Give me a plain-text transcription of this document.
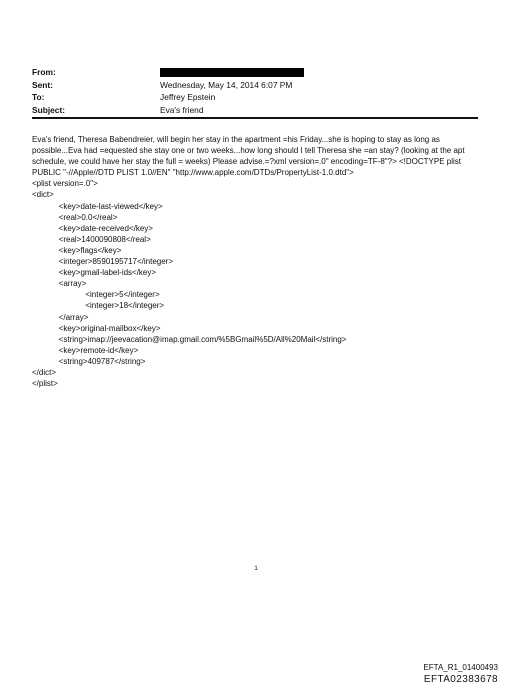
From:
Sent:	Wednesday, May 14, 2014 6:07 PM
To:	Jeffrey Epstein
Subject:	Eva's friend

Eva's friend, Theresa Babendreier, will begin her stay in the apartment =his Friday...she is hoping to stay as long as possible...Eva had =equested she stay one or two weeks...how long should I tell Theresa she =an stay? (looking at the apt schedule, we could have her stay the full = weeks) Please advise.=?xml version=.0" encoding=TF-8"?> <!DOCTYPE plist PUBLIC "-//Apple//DTD PLIST 1.0//EN" "http://www.apple.com/DTDs/PropertyList-1.0.dtd">

<plist version=.0">
<dict>
<key>date-last-viewed</key>
<real>0.0</real>
<key>date-received</key>
<real>1400090808</real>
<key>flags</key>
<integer>8590195717</integer>
<key>gmail-label-ids</key>
<array>
<integer>5</integer>
<integer>18</integer>
</array>
<key>original-mailbox</key>
<string>imap://jeevacation@imap.gmail.com/%5BGmail%5D/All%20Mail</string>
<key>remote-id</key>
<string>409787</string>
</dict>
</plist>
1
EFTA_R1_01400493
EFTA02383678
